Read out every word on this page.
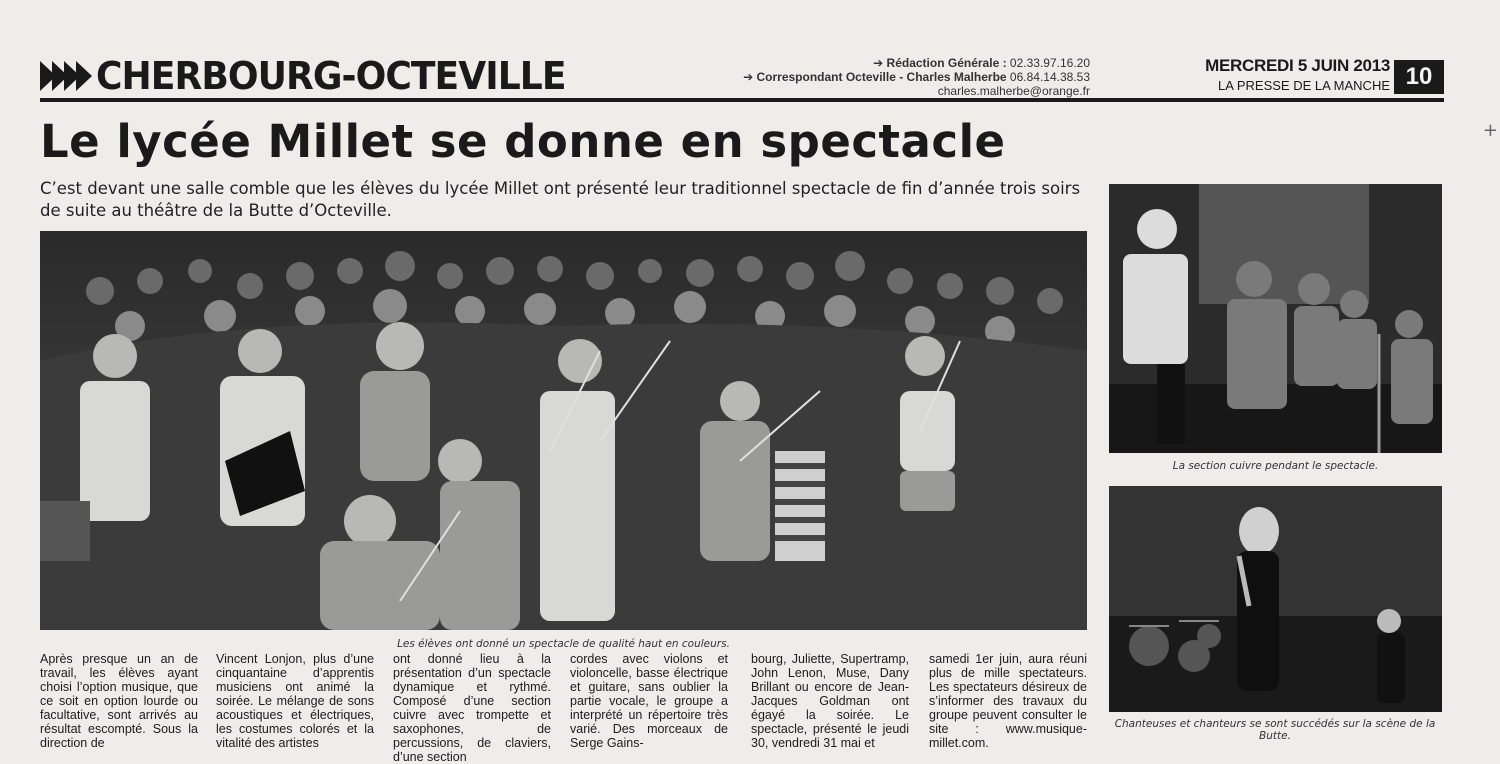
CHERBOURG-OCTEVILLE	➔ Rédaction Générale : 02.33.97.16.20
➔ Correspondant Octeville - Charles Malherbe 06.84.14.38.53
charles.malherbe@orange.fr
MERCREDI 5 JUIN 2013
LA PRESSE DE LA MANCHE 10
Le lycée Millet se donne en spectacle
C’est devant une salle comble que les élèves du lycée Millet ont présenté leur traditionnel spectacle de fin d’année trois soirs de suite au théâtre de la Butte d’Octeville.
Les élèves ont donné un spectacle de qualité haut en couleurs.
La section cuivre pendant le spectacle.
Chanteuses et chanteurs se sont succédés sur la scène de la Butte.
Après presque un an de travail, les élèves ayant choisi l’option musique, que ce soit en option lourde ou facultative, sont arrivés au résultat escompté. Sous la direction de
Vincent Lonjon, plus d’une cinquantaine d’apprentis musiciens ont animé la soirée. Le mélange de sons acoustiques et électriques, les costumes colorés et la vitalité des artistes
ont donné lieu à la présentation d’un spectacle dynamique et rythmé. Composé d’une section cuivre avec trompette et saxophones, de percussions, de claviers, d’une section
cordes avec violons et violoncelle, basse électrique et guitare, sans oublier la partie vocale, le groupe a interprété un répertoire très varié. Des morceaux de Serge Gains-
bourg, Juliette, Supertramp, John Lenon, Muse, Dany Brillant ou encore de Jean-Jacques Goldman ont égayé la soirée. Le spectacle, présenté le jeudi 30, vendredi 31 mai et
samedi 1er juin, aura réuni plus de mille spectateurs. Les spectateurs désireux de s’informer des travaux du groupe peuvent consulter le site : www.musique-millet.com.
+
